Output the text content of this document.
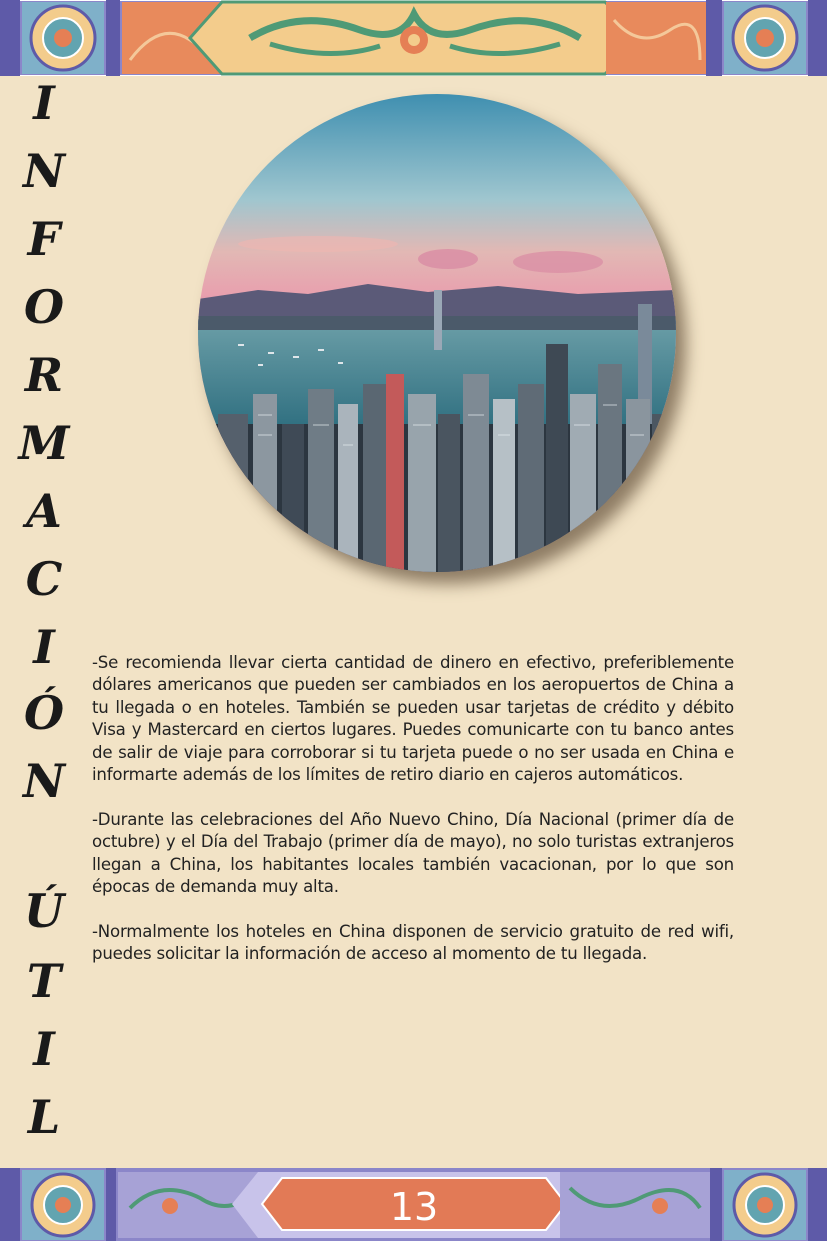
I
N
F
O
R
M
A
C
I
Ó
N
Ú
T
I
L

-Se recomienda llevar cierta cantidad de dinero en efectivo, preferiblemente dólares americanos que pueden ser cambiados en los aeropuertos de China a tu llegada o en hoteles. También se pueden usar tarjetas de crédito y débito Visa y Mastercard en ciertos lugares. Puedes comunicarte con tu banco antes de salir de viaje para corroborar si tu tarjeta puede o no ser usada en China e informarte además de los límites de retiro diario en cajeros automáticos.

-Durante las celebraciones del Año Nuevo Chino, Día Nacional (primer día de octubre) y el Día del Trabajo (primer día de mayo), no solo turistas extranjeros llegan a China, los habitantes locales también vacacionan, por lo que son épocas de demanda muy alta.

-Normalmente los hoteles en China disponen de servicio gratuito de red wifi, puedes solicitar la información de acceso al momento de tu llegada.

13
